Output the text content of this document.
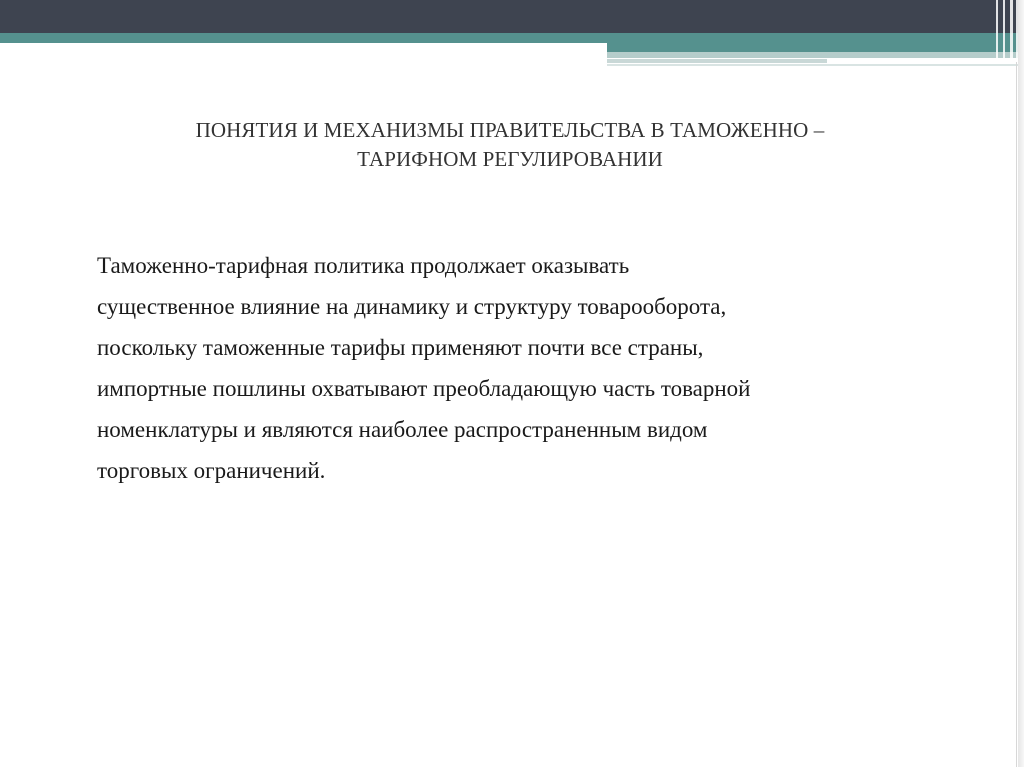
ПОНЯТИЯ И МЕХАНИЗМЫ ПРАВИТЕЛЬСТВА В ТАМОЖЕННО –
ТАРИФНОМ РЕГУЛИРОВАНИИ
Таможенно-тарифная политика продолжает оказывать
существенное влияние на динамику и структуру товарооборота,
поскольку таможенные тарифы применяют почти все страны,
импортные пошлины охватывают преобладающую часть товарной
номенклатуры и являются наиболее распространенным видом
торговых ограничений.
